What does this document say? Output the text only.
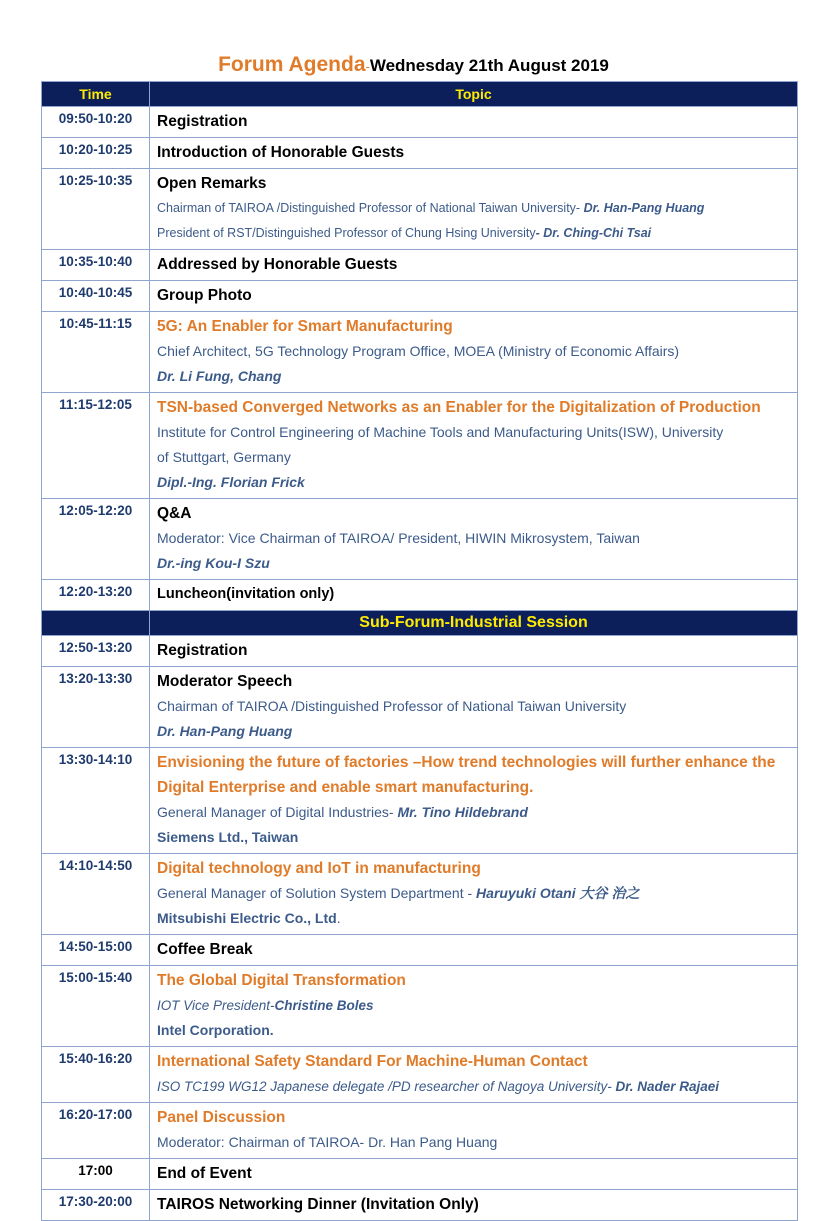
Forum Agenda-Wednesday 21th August 2019
Time	Topic
09:50-10:20	Registration

10:20-10:25	Introduction of Honorable Guests

10:25-10:35	Open Remarks
Chairman of TAIROA /Distinguished Professor of National Taiwan University- Dr. Han-Pang Huang
President of RST/Distinguished Professor of Chung Hsing University- Dr. Ching-Chi Tsai

10:35-10:40	Addressed by Honorable Guests

10:40-10:45	Group Photo

10:45-11:15	5G: An Enabler for Smart Manufacturing
Chief Architect, 5G Technology Program Office, MOEA (Ministry of Economic Affairs)
Dr. Li Fung, Chang

11:15-12:05	TSN-based Converged Networks as an Enabler for the Digitalization of Production
Institute for Control Engineering of Machine Tools and Manufacturing Units(ISW), University
of Stuttgart, Germany
Dipl.-Ing. Florian Frick

12:05-12:20	Q&A
Moderator: Vice Chairman of TAIROA/ President, HIWIN Mikrosystem, Taiwan
Dr.-ing Kou-I Szu

12:20-13:20	Luncheon(invitation only)

	Sub-Forum-Industrial Session
12:50-13:20	Registration

13:20-13:30	Moderator Speech
Chairman of TAIROA /Distinguished Professor of National Taiwan University
Dr. Han-Pang Huang

13:30-14:10	Envisioning the future of factories –How trend technologies will further enhance the
Digital Enterprise and enable smart manufacturing.
General Manager of Digital Industries- Mr. Tino Hildebrand
Siemens Ltd., Taiwan

14:10-14:50	Digital technology and IoT in manufacturing
General Manager of Solution System Department - Haruyuki Otani 大谷 治之
Mitsubishi Electric Co., Ltd.

14:50-15:00	Coffee Break

15:00-15:40	The Global Digital Transformation
IOT Vice President-Christine Boles
Intel Corporation.

15:40-16:20	International Safety Standard For Machine-Human Contact
ISO TC199 WG12 Japanese delegate /PD researcher of Nagoya University- Dr. Nader Rajaei

16:20-17:00	Panel Discussion
Moderator: Chairman of TAIROA- Dr. Han Pang Huang

17:00	End of Event

17:30-20:00	TAIROS Networking Dinner (Invitation Only)
